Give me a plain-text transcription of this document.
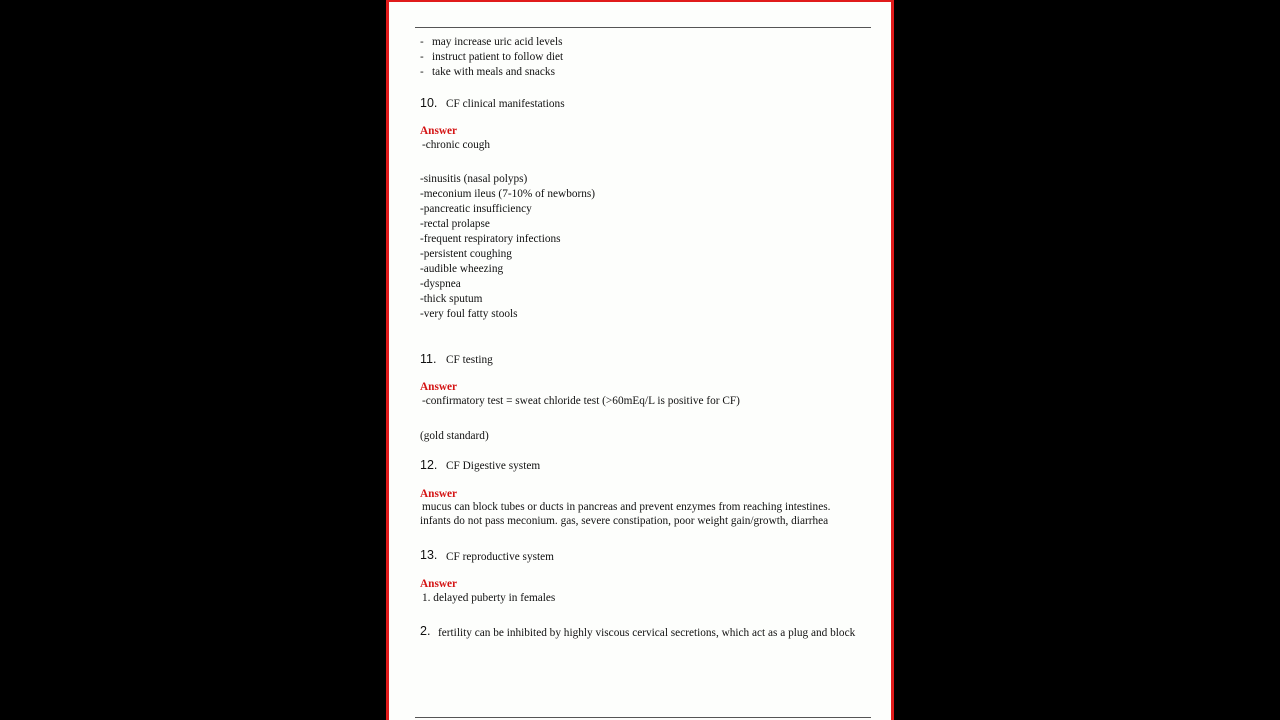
- may increase uric acid levels
- instruct patient to follow diet
- take with meals and snacks
10. CF clinical manifestations
Answer
-chronic cough
-sinusitis (nasal polyps)
-meconium ileus (7-10% of newborns)
-pancreatic insufficiency
-rectal prolapse
-frequent respiratory infections
-persistent coughing
-audible wheezing
-dyspnea
-thick sputum
-very foul fatty stools
11. CF testing
Answer
-confirmatory test = sweat chloride test (>60mEq/L is positive for CF)
(gold standard)
12. CF Digestive system
Answer
mucus can block tubes or ducts in pancreas and prevent enzymes from reaching intestines.
infants do not pass meconium. gas, severe constipation, poor weight gain/growth, diarrhea
13. CF reproductive system
Answer
1. delayed puberty in females
2. fertility can be inhibited by highly viscous cervical secretions, which act as a plug and block
